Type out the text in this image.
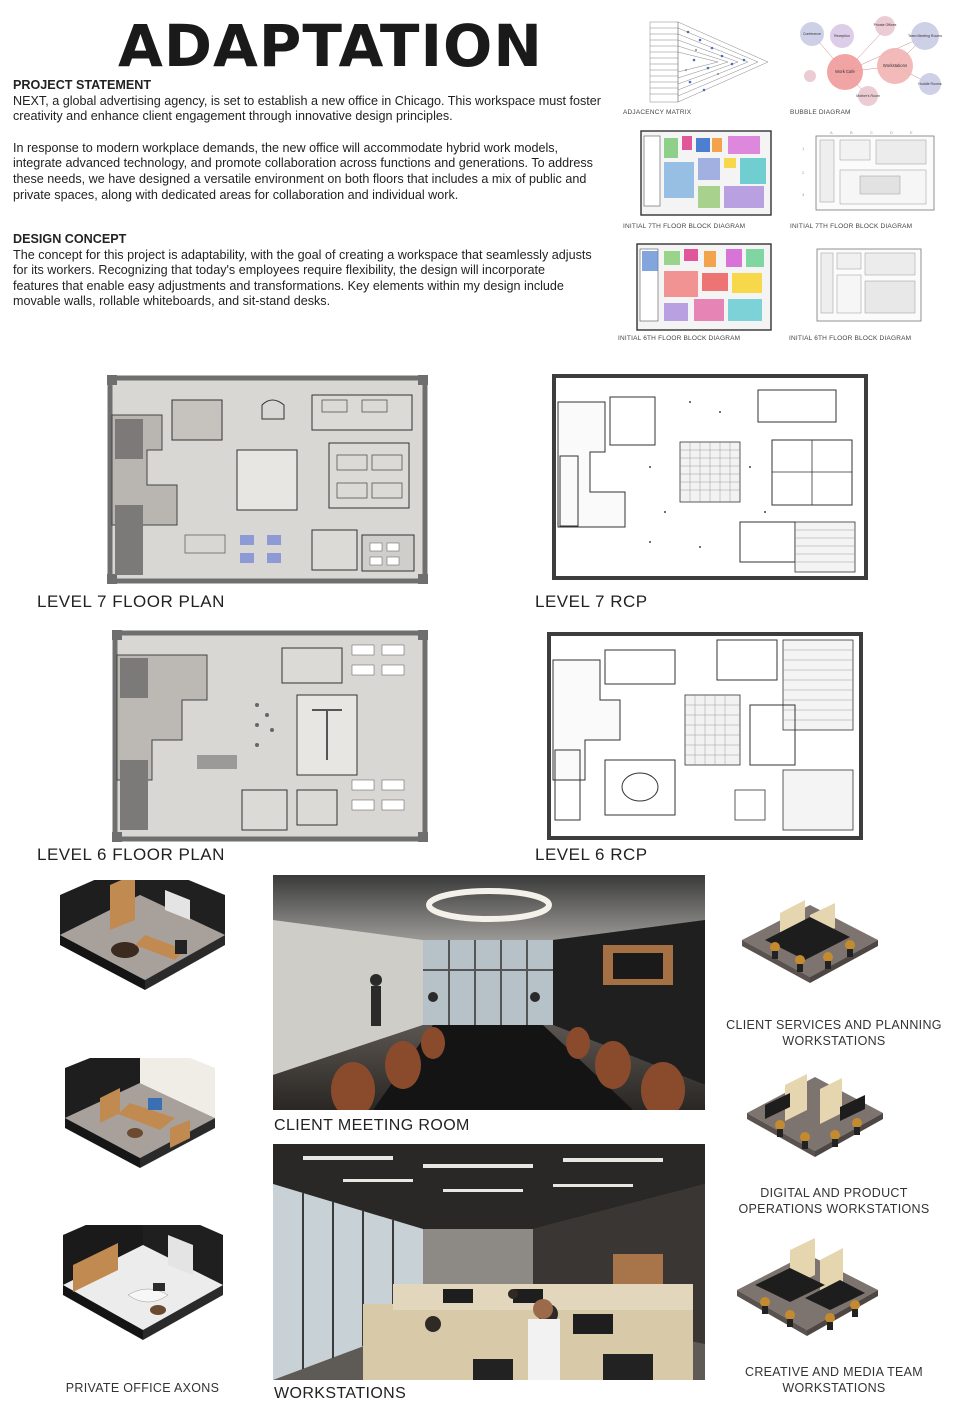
ADAPTATION
PROJECT STATEMENT

NEXT, a global advertising agency, is set to establish a new office in Chicago. This workspace must foster creativity and enhance client engagement through innovative design principles.

In response to modern workplace demands, the new office will accommodate hybrid work models, integrate advanced technology, and promote collaboration across functions and generations. To address these needs, we have designed a versatile environment on both floors that includes a mix of public and private spaces, along with dedicated areas for collaboration and individual work.

DESIGN CONCEPT

The concept for this project is adaptability, with the goal of creating a workspace that seamlessly adjusts for its workers. Recognizing that today's employees require flexibility, the design will incorporate features that enable easy adjustments and transformations. Key elements within my design include movable walls, rollable whiteboards, and sit-stand desks.

ADJACENCY MATRIX
Conference
Private Offices
Team Meeting Rooms
Work Cafe
Workstations
Huddle Rooms
Mother's Room
Reception
BUBBLE DIAGRAM
INITIAL 7TH FLOOR BLOCK DIAGRAM
A	B	C	D	E
1
2
3
INITIAL 7TH FLOOR BLOCK DIAGRAM
INITIAL 6TH FLOOR BLOCK DIAGRAM	INITIAL 6TH FLOOR BLOCK DIAGRAM
LEVEL 7 FLOOR PLAN	LEVEL 7 RCP
LEVEL 6 FLOOR PLAN	LEVEL 6 RCP
CLIENT MEETING ROOM
WORKSTATIONS
PRIVATE OFFICE AXONS
CLIENT SERVICES AND PLANNING
WORKSTATIONS
DIGITAL AND PRODUCT
OPERATIONS WORKSTATIONS
CREATIVE AND MEDIA TEAM
WORKSTATIONS
